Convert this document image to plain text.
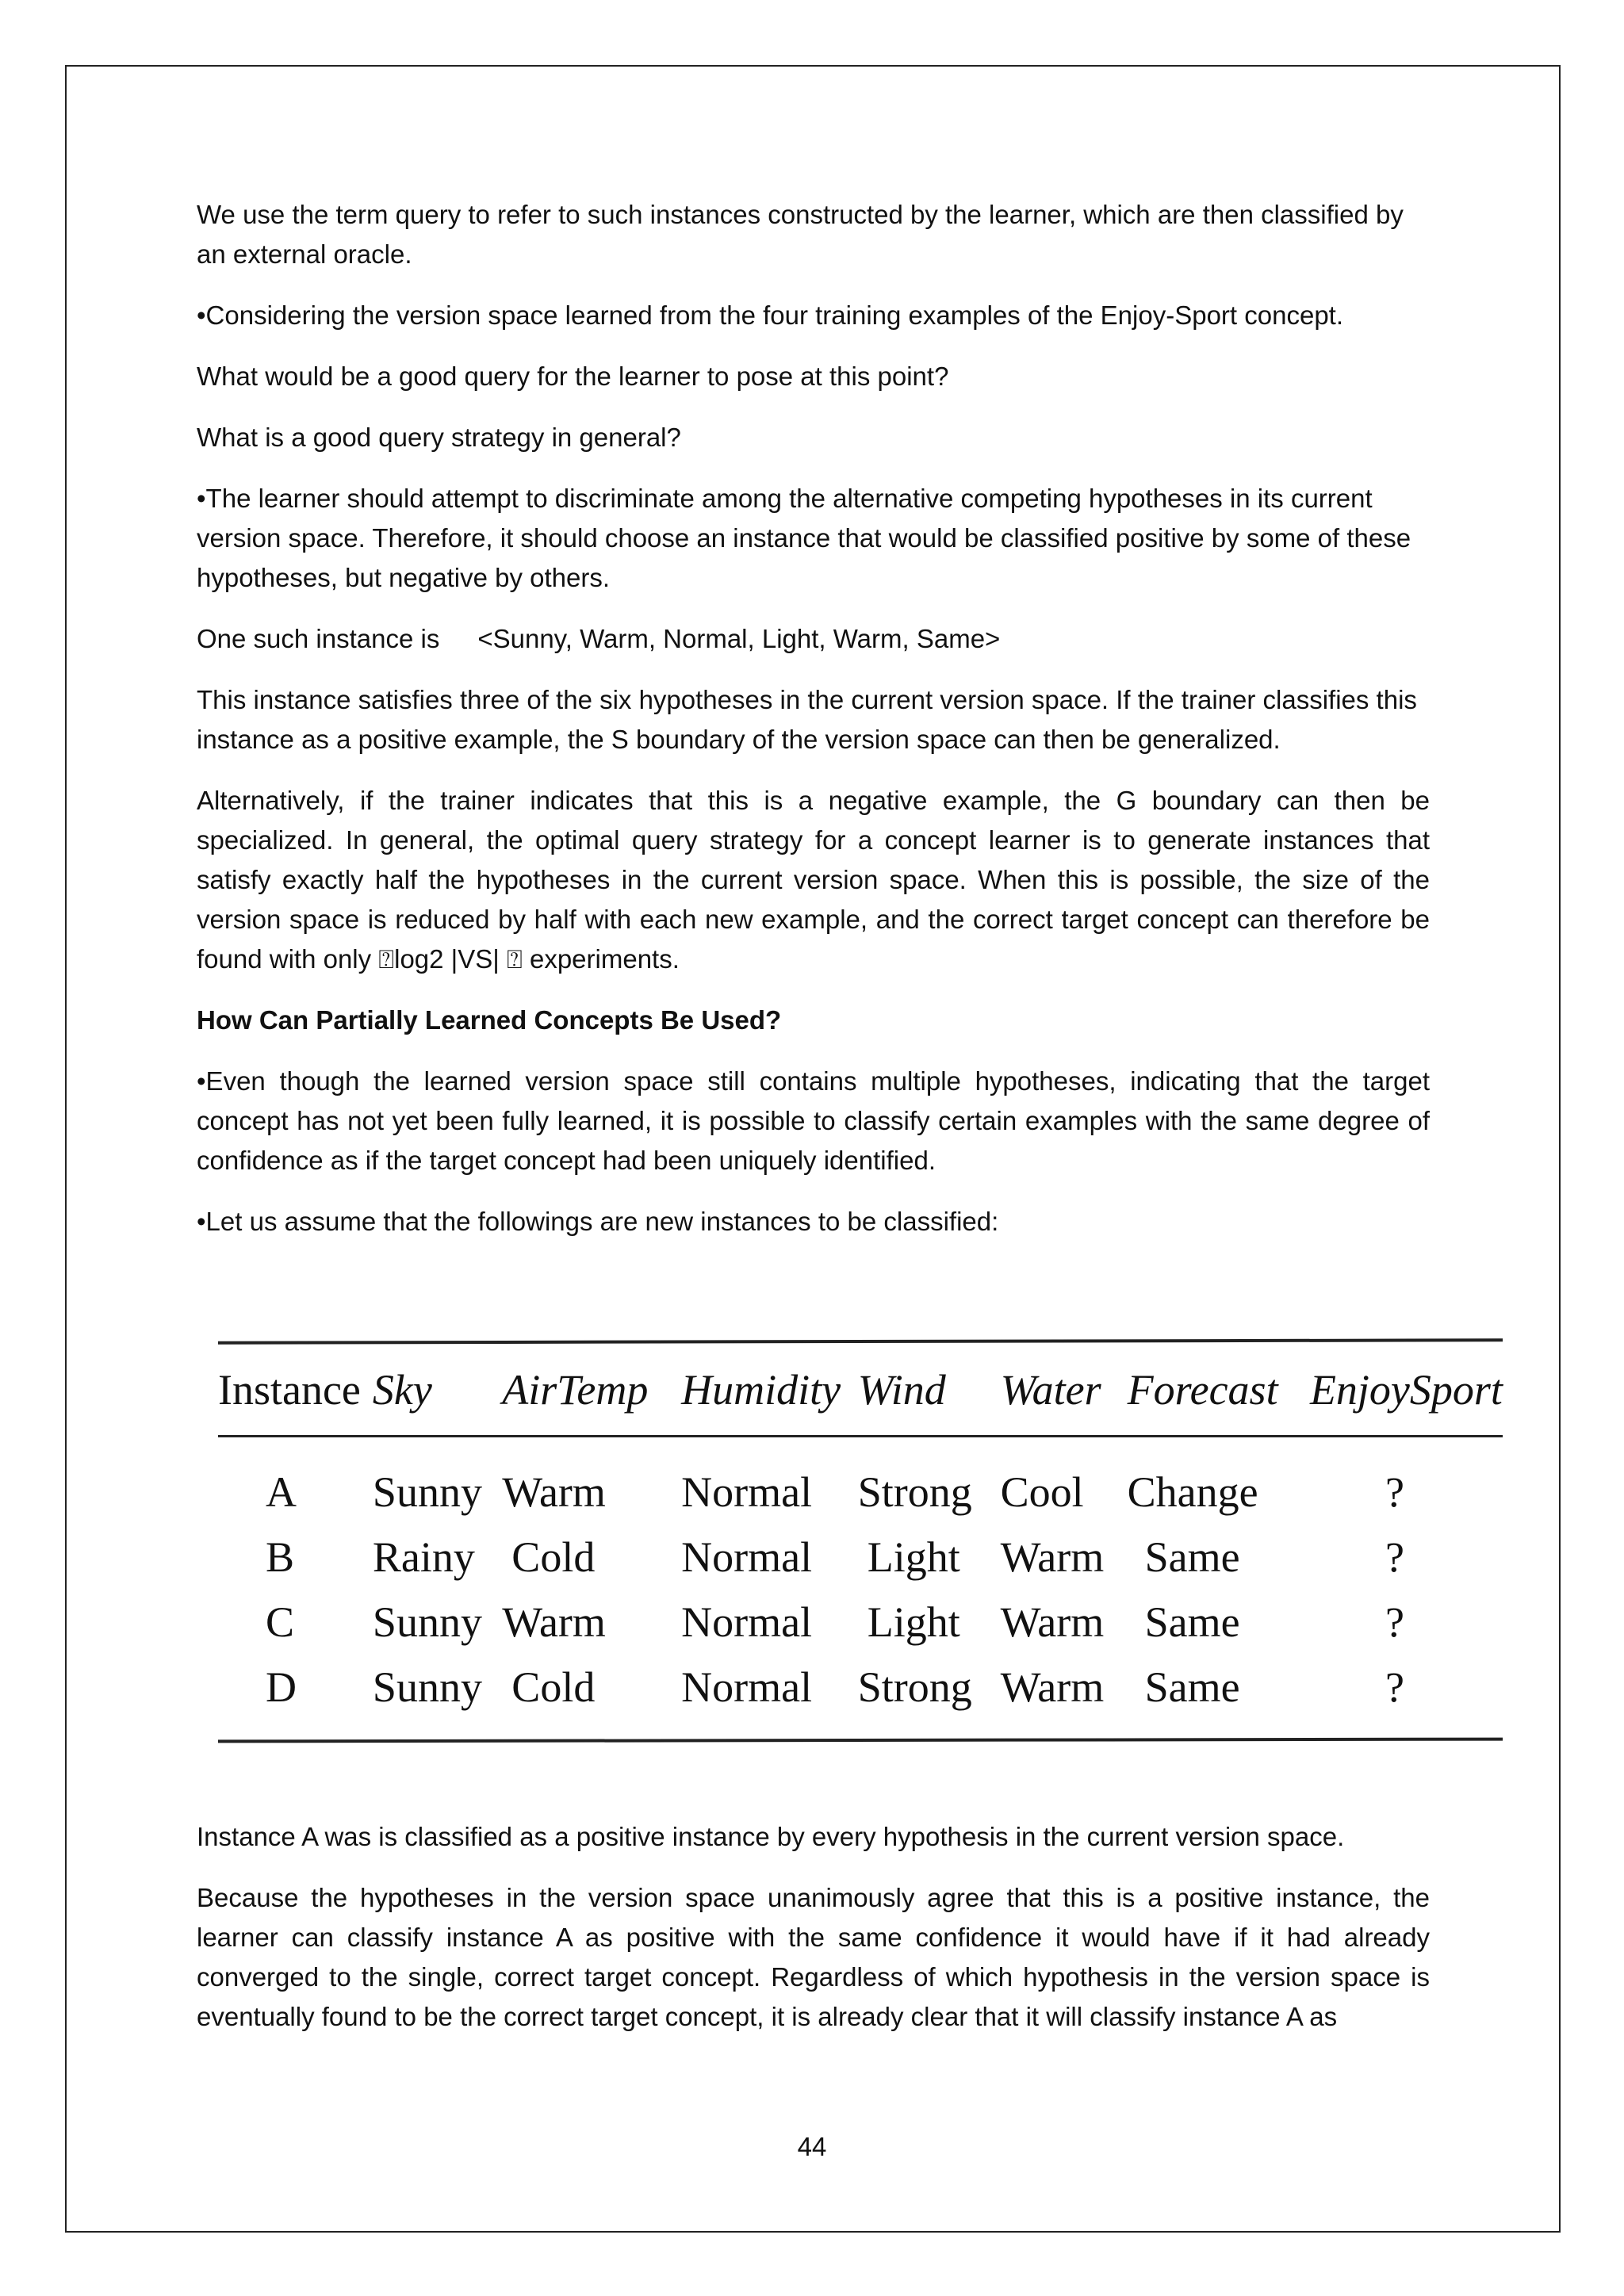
We use the term query to refer to such instances constructed by the learner, which are then classified by an external oracle.

•Considering the version space learned from the four training examples of the Enjoy-Sport concept.

What would be a good query for the learner to pose at this point?

What is a good query strategy in general?

•The learner should attempt to discriminate among the alternative competing hypotheses in its current version space. Therefore, it should choose an instance that would be classified positive by some of these hypotheses, but negative by others.

One such instance is <Sunny, Warm, Normal, Light, Warm, Same>

This instance satisfies three of the six hypotheses in the current version space. If the trainer classifies this instance as a positive example, the S boundary of the version space can then be generalized.

Alternatively, if the trainer indicates that this is a negative example, the G boundary can then be specialized. In general, the optimal query strategy for a concept learner is to generate instances that satisfy exactly half the hypotheses in the current version space. When this is possible, the size of the version space is reduced by half with each new example, and the correct target concept can therefore be found with only ⍰log2 |VS| ⍰ experiments.

How Can Partially Learned Concepts Be Used?

•Even though the learned version space still contains multiple hypotheses, indicating that the target concept has not yet been fully learned, it is possible to classify certain examples with the same degree of confidence as if the target concept had been uniquely identified.

•Let us assume that the followings are new instances to be classified:

Instance	Sky	AirTemp	Humidity	Wind	Water	Forecast	EnjoySport

A	Sunny	Warm	Normal	Strong	Cool	Change	?
B	Rainy	Cold	Normal	Light	Warm	Same	?
C	Sunny	Warm	Normal	Light	Warm	Same	?
D	Sunny	Cold	Normal	Strong	Warm	Same	?

Instance A was is classified as a positive instance by every hypothesis in the current version space.

Because the hypotheses in the version space unanimously agree that this is a positive instance, the learner can classify instance A as positive with the same confidence it would have if it had already converged to the single, correct target concept. Regardless of which hypothesis in the version space is eventually found to be the correct target concept, it is already clear that it will classify instance A as

44
